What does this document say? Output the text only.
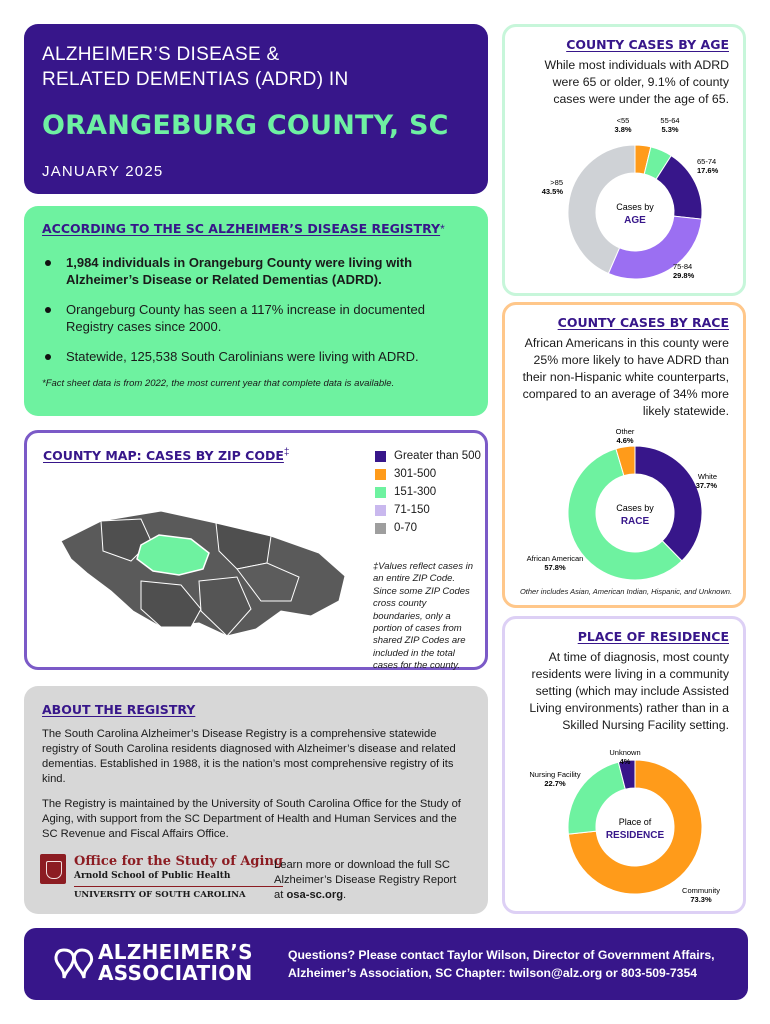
ALZHEIMER’S DISEASE &
RELATED DEMENTIAS (ADRD) IN
ORANGEBURG COUNTY, SC
JANUARY 2025
ACCORDING TO THE SC ALZHEIMER’S DISEASE REGISTRY*
1,984 individuals in Orangeburg County were living with Alzheimer’s Disease or Related Dementias (ADRD).
Orangeburg County has seen a 117% increase in documented Registry cases since 2000.
Statewide, 125,538 South Carolinians were living with ADRD.
*Fact sheet data is from 2022, the most current year that complete data is available.
COUNTY MAP: CASES BY ZIP CODE‡	Greater than 500
301-500
151-300
71-150
0-70
‡Values reflect cases in an entire ZIP Code. Since some ZIP Codes cross county boundaries, only a portion of cases from shared ZIP Codes are included in the total cases for the county.
ABOUT THE REGISTRY

The South Carolina Alzheimer’s Disease Registry is a comprehensive statewide registry of South Carolina residents diagnosed with Alzheimer’s disease and related dementias. Established in 1988, it is the nation’s most comprehensive registry of its kind.

The Registry is maintained by the University of South Carolina Office for the Study of Aging, with support from the SC Department of Health and Human Services and the SC Revenue and Fiscal Affairs Office.

Office for the Study of Aging
Arnold School of Public Health
UNIVERSITY OF SOUTH CAROLINA
Learn more or download the full SC Alzheimer’s Disease Registry Report at osa-sc.org.
COUNTY CASES BY AGE
While most individuals with ADRD were 65 or older, 9.1% of county cases were under the age of 65.
<55
3.8%
55-64
5.3%
65-74
17.6%
75-84
29.8%
>85
43.5%
Cases by
AGE
COUNTY CASES BY RACE
African Americans in this county were 25% more likely to have ADRD than their non-Hispanic white counterparts, compared to an average of 34% more likely statewide.
White
37.7%
African American
57.8%
Other
4.6%
Cases by
RACE
Other includes Asian, American Indian, Hispanic, and Unknown.
PLACE OF RESIDENCE
At time of diagnosis, most county residents were living in a community setting (which may include Assisted Living environments) rather than in a Skilled Nursing Facility setting.
Community
73.3%
Nursing Facility
22.7%
Unknown
4%
Place of
RESIDENCE
ALZHEIMER’S
ASSOCIATION
Questions? Please contact Taylor Wilson, Director of Government Affairs,
Alzheimer’s Association, SC Chapter: twilson@alz.org or 803-509-7354
